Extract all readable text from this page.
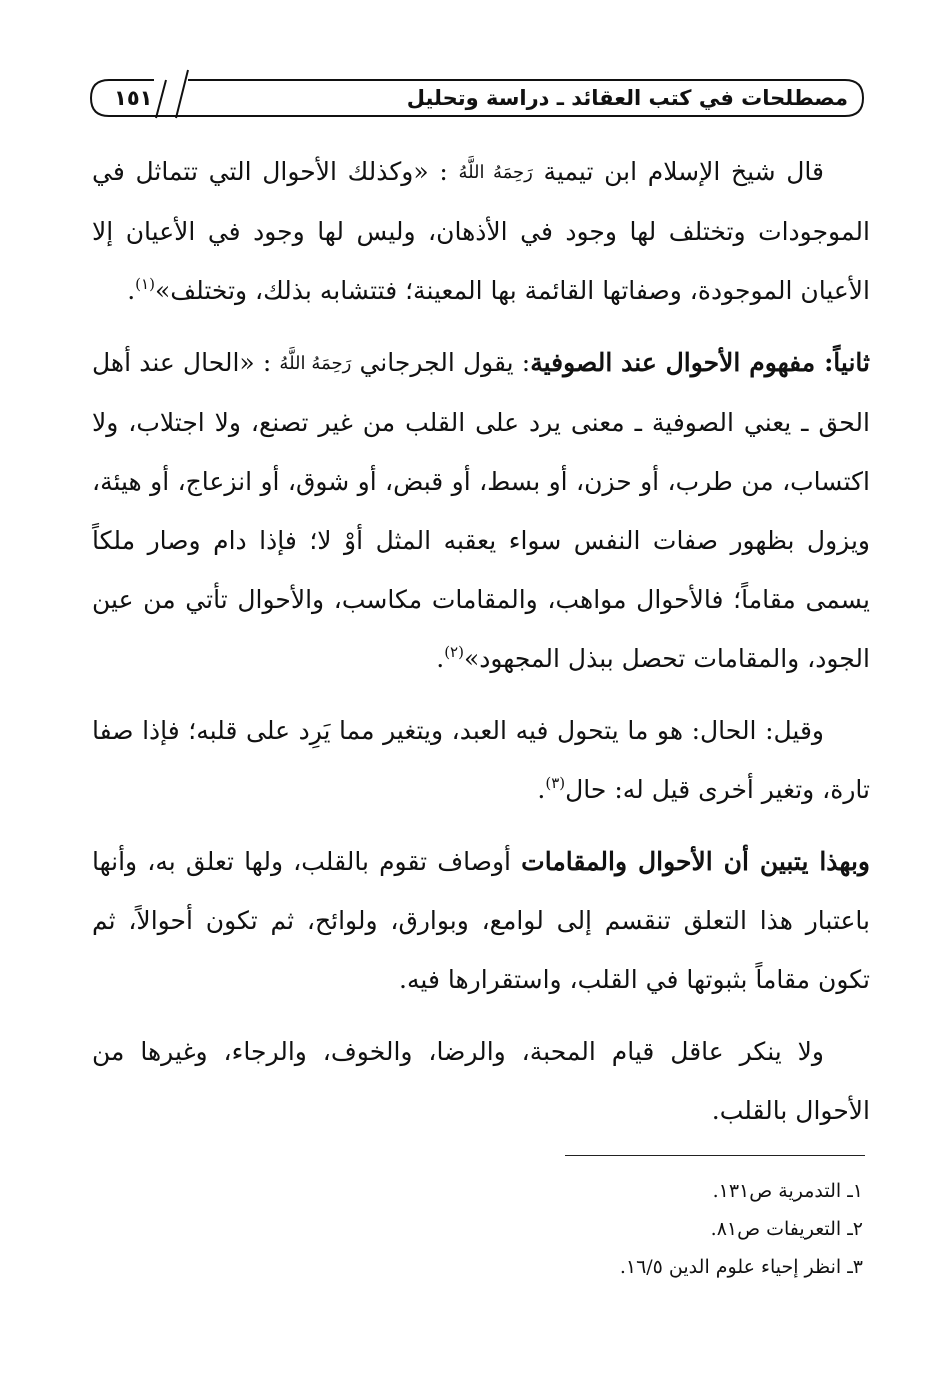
مصطلحات في كتب العقائد ـ دراسة وتحليل
١٥١

قال شيخ الإسلام ابن تيمية رَحِمَهُ اللَّهُ : «وكذلك الأحوال التي تتماثل في الموجودات وتختلف لها وجود في الأذهان، وليس لها وجود في الأعيان إلا الأعيان الموجودة، وصفاتها القائمة بها المعينة؛ فتتشابه بذلك، وتختلف»$^{(١)}$.

ثانياً: مفهوم الأحوال عند الصوفية: يقول الجرجاني رَحِمَهُ اللَّهُ : «الحال عند أهل الحق ـ يعني الصوفية ـ معنى يرد على القلب من غير تصنع، ولا اجتلاب، ولا اكتساب، من طرب، أو حزن، أو بسط، أو قبض، أو شوق، أو انزعاج، أو هيئة، ويزول بظهور صفات النفس سواء يعقبه المثل أوْ لا؛ فإذا دام وصار ملكاً يسمى مقاماً؛ فالأحوال مواهب، والمقامات مكاسب، والأحوال تأتي من عين الجود، والمقامات تحصل ببذل المجهود»$^{(٢)}$.

وقيل: الحال: هو ما يتحول فيه العبد، ويتغير مما يَرِد على قلبه؛ فإذا صفا تارة، وتغير أخرى قيل له: حال$^{(٣)}$.

وبهذا يتبين أن الأحوال والمقامات أوصاف تقوم بالقلب، ولها تعلق به، وأنها باعتبار هذا التعلق تنقسم إلى لوامع، وبوارق، ولوائح، ثم تكون أحوالاً، ثم تكون مقاماً بثبوتها في القلب، واستقرارها فيه.

ولا ينكر عاقل قيام المحبة، والرضا، والخوف، والرجاء، وغيرها من الأحوال بالقلب.

١ـ التدمرية ص١٣١.

٢ـ التعريفات ص٨١.

٣ـ انظر إحياء علوم الدين ١٦/٥.
